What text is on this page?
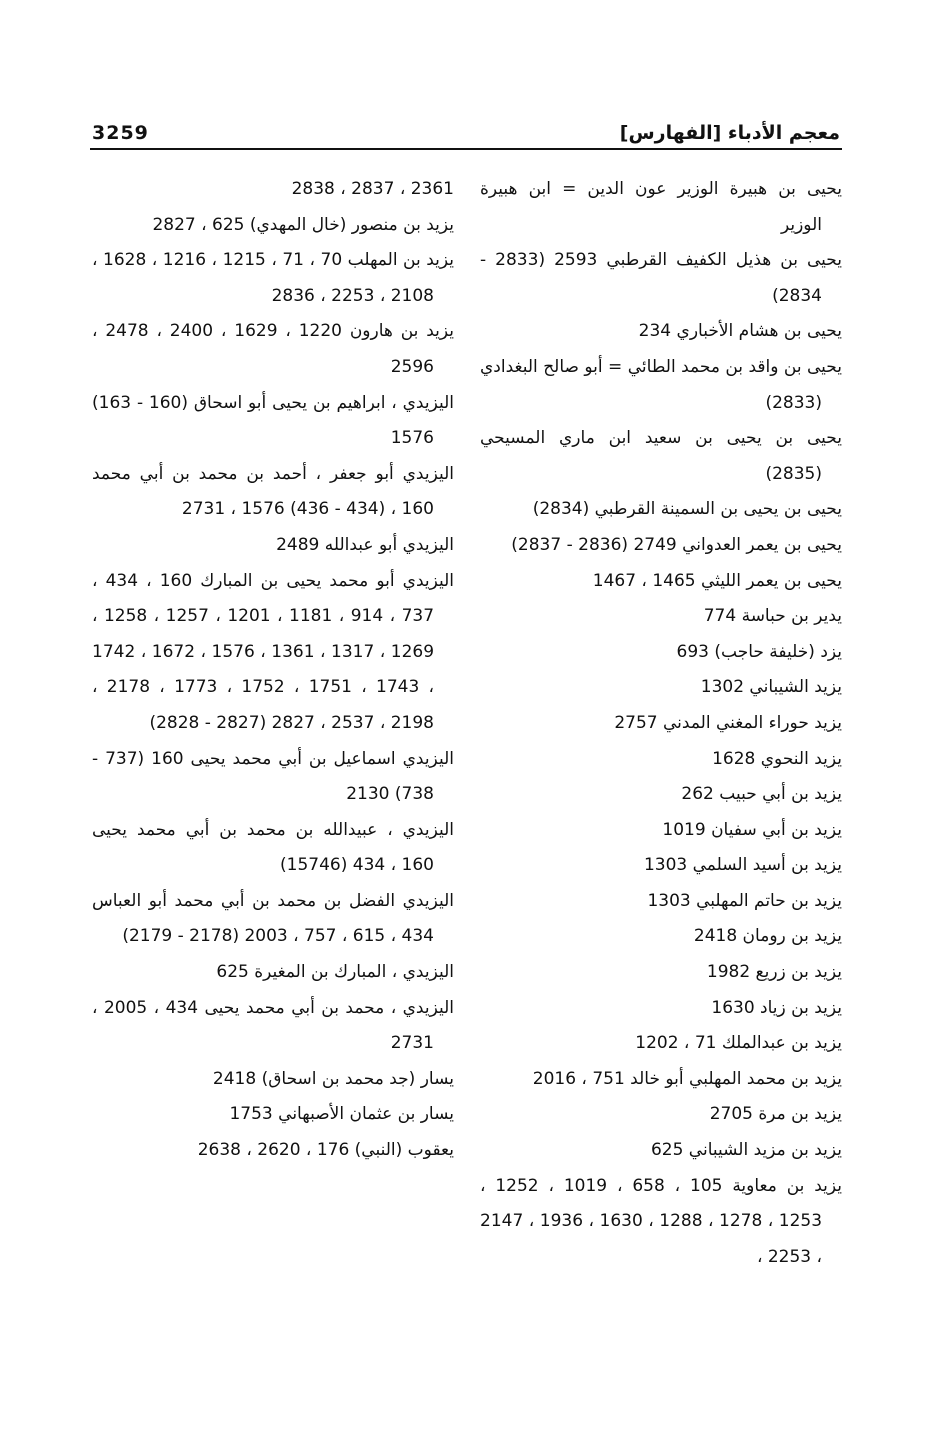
معجم الأدباء [الفهارس]
3259
يحيى بن هبيرة الوزير عون الدين = ابن هبيرة الوزير
يحيى بن هذيل الكفيف القرطبي 2593 (2833 - 2834)
يحيى بن هشام الأخباري 234
يحيى بن واقد بن محمد الطائي = أبو صالح البغدادي (2833)
يحيى بن يحيى بن سعيد ابن ماري المسيحي (2835)
يحيى بن يحيى بن السمينة القرطبي (2834)
يحيى بن يعمر العدواني 2749 (2836 - 2837)
يحيى بن يعمر الليثي 1465 ، 1467
يدير بن حباسة 774
يزد (خليفة حاجب) 693
يزيد الشيباني 1302
يزيد حوراء المغني المدني 2757
يزيد النحوي 1628
يزيد بن أبي حبيب 262
يزيد بن أبي سفيان 1019
يزيد بن أسيد السلمي 1303
يزيد بن حاتم المهلبي 1303
يزيد بن رومان 2418
يزيد بن زريع 1982
يزيد بن زياد 1630
يزيد بن عبدالملك 71 ، 1202
يزيد بن محمد المهلبي أبو خالد 751 ، 2016
يزيد بن مرة 2705
يزيد بن مزيد الشيباني 625
يزيد بن معاوية 105 ، 658 ، 1019 ، 1252 ، 1253 ، 1278 ، 1288 ، 1630 ، 1936 ، 2147 ، 2253 ،
2361 ، 2837 ، 2838
يزيد بن منصور (خال المهدي) 625 ، 2827
يزيد بن المهلب 70 ، 71 ، 1215 ، 1216 ، 1628 ، 2108 ، 2253 ، 2836
يزيد بن هارون 1220 ، 1629 ، 2400 ، 2478 ، 2596
اليزيدي ، ابراهيم بن يحيى أبو اسحاق (160 - 163) 1576
اليزيدي أبو جعفر ، أحمد بن محمد بن أبي محمد 160 ، (434 - 436) 1576 ، 2731
اليزيدي أبو عبدالله 2489
اليزيدي أبو محمد يحيى بن المبارك 160 ، 434 ، 737 ، 914 ، 1181 ، 1201 ، 1257 ، 1258 ، 1269 ، 1317 ، 1361 ، 1576 ، 1672 ، 1742 ، 1743 ، 1751 ، 1752 ، 1773 ، 2178 ، 2198 ، 2537 ، 2827 (2827 - 2828)
اليزيدي اسماعيل بن أبي محمد يحيى 160 (737 - 738) 2130
اليزيدي ، عبيدالله بن محمد بن أبي محمد يحيى 160 ، 434 (15746)
اليزيدي الفضل بن محمد بن أبي محمد أبو العباس 434 ، 615 ، 757 ، 2003 (2178 - 2179)
اليزيدي ، المبارك بن المغيرة 625
اليزيدي ، محمد بن أبي محمد يحيى 434 ، 2005 ، 2731
يسار (جد محمد بن اسحاق) 2418
يسار بن عثمان الأصبهاني 1753
يعقوب (النبي) 176 ، 2620 ، 2638
